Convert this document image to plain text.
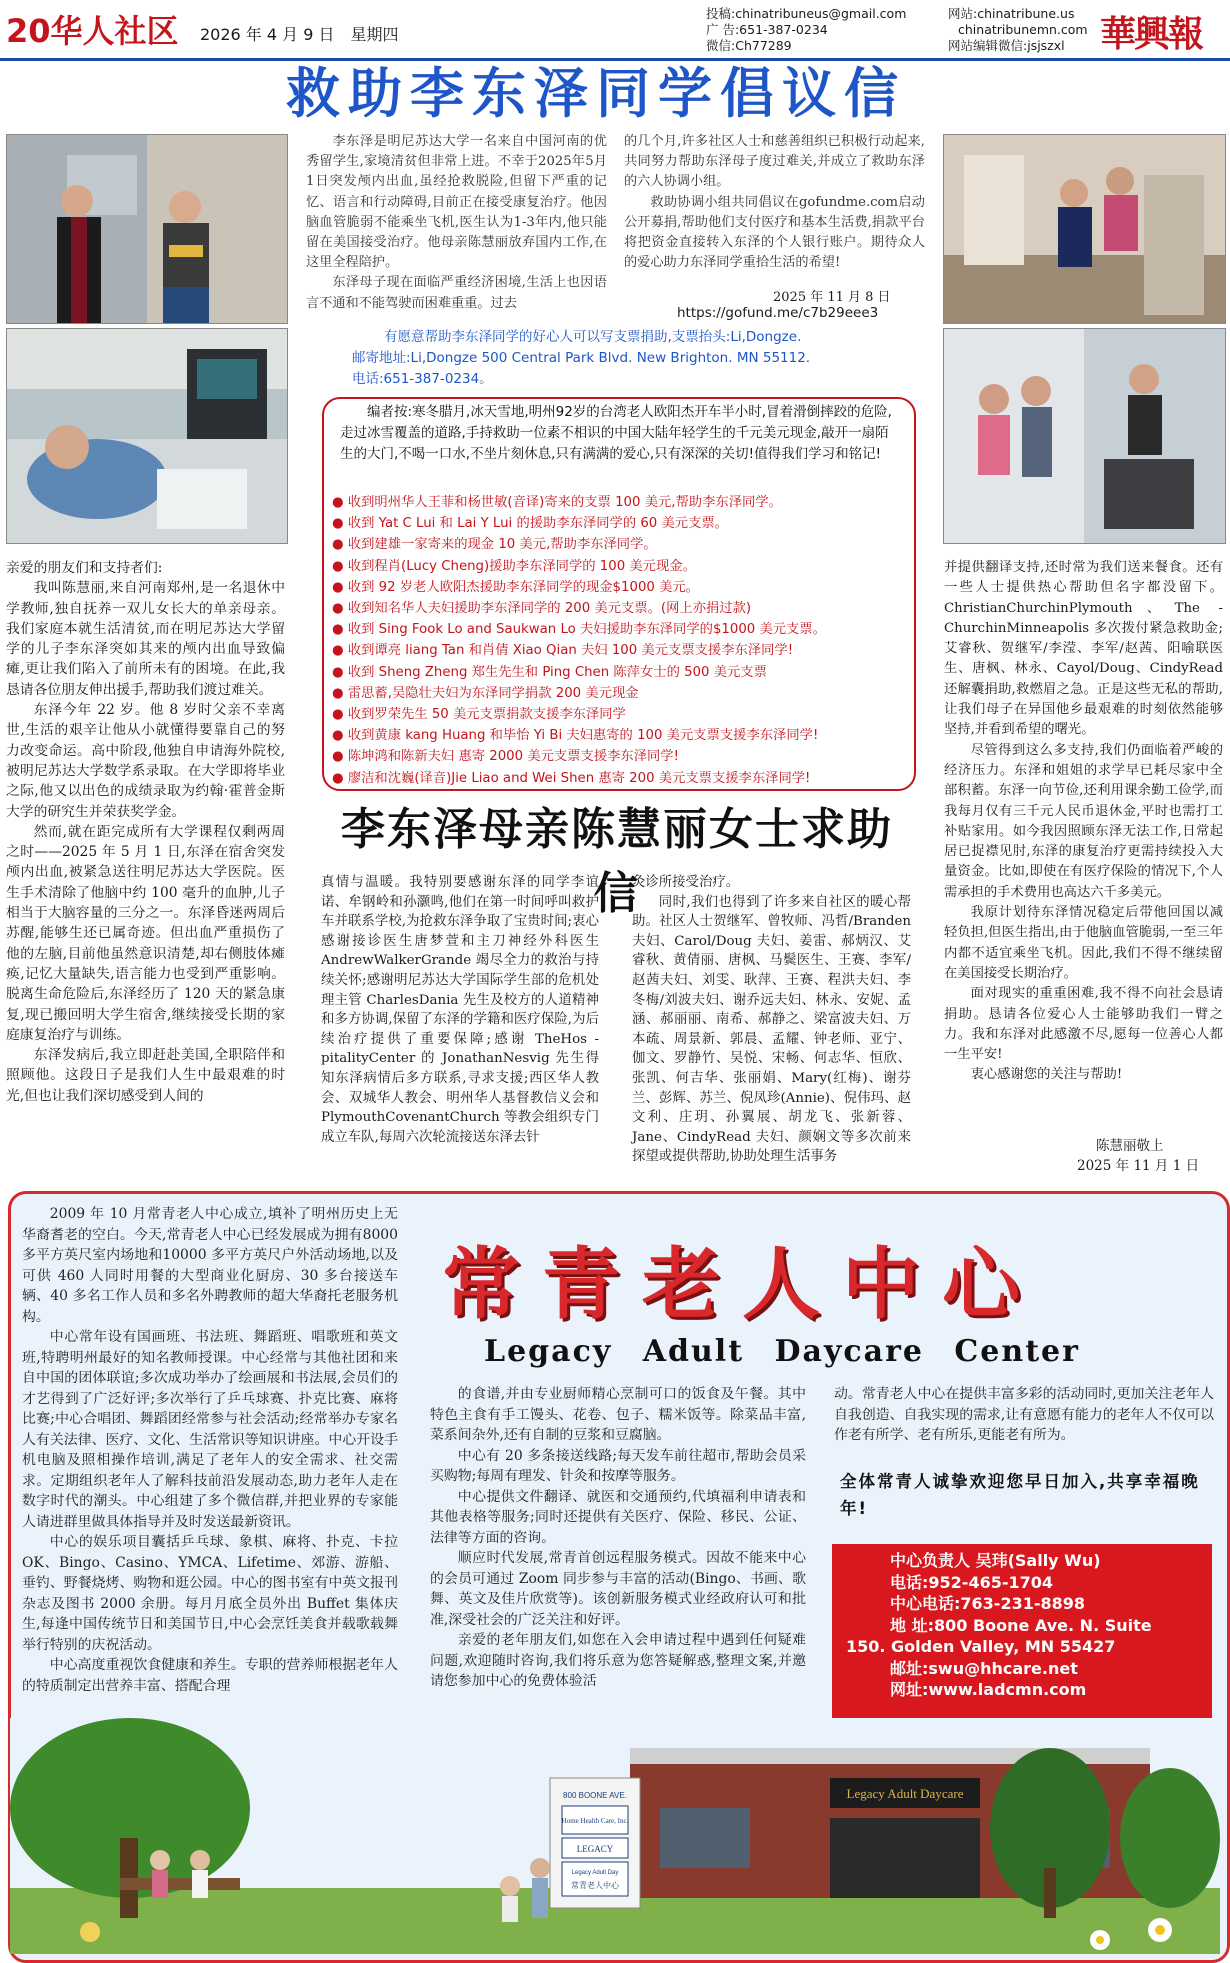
20华人社区 2026 年 4 月 9 日　星期四
投稿:chinatribuneus@gmail.com
广 告:651-387-0234
微信:Ch77289
网站:chinatribune.us
chinatribunemn.com
网站编辑微信:jsjszxl 華興報
救助李东泽同学倡议信

李东泽是明尼苏达大学一名来自中国河南的优秀留学生,家境清贫但非常上进。不幸于2025年5月1日突发颅内出血,虽经抢救脱险,但留下严重的记忆、语言和行动障碍,目前正在接受康复治疗。他因脑血管脆弱不能乘坐飞机,医生认为1-3年内,他只能留在美国接受治疗。他母亲陈慧丽放弃国内工作,在这里全程陪护。

东泽母子现在面临严重经济困境,生活上也因语言不通和不能驾驶而困难重重。过去

的几个月,许多社区人士和慈善组织已积极行动起来,共同努力帮助东泽母子度过难关,并成立了救助东泽的六人协调小组。

救助协调小组共同倡议在gofundme.com启动公开募捐,帮助他们支付医疗和基本生活费,捐款平台将把资金直接转入东泽的个人银行账户。期待众人的爱心助力东泽同学重拾生活的希望!

2025 年 11 月 8 日
https://gofund.me/c7b29eee3
有愿意帮助李东泽同学的好心人可以写支票捐助,支票抬头:Li,Dongze.
邮寄地址:Li,Dongze 500 Central Park Blvd. New Brighton. MN 55112.
电话:651-387-0234。
编者按:寒冬腊月,冰天雪地,明州92岁的台湾老人欧阳杰开车半小时,冒着滑倒摔跤的危险,走过冰雪覆盖的道路,手持救助一位素不相识的中国大陆年轻学生的千元美元现金,敲开一扇陌生的大门,不喝一口水,不坐片刻休息,只有满满的爱心,只有深深的关切!值得我们学习和铭记!
● 收到明州华人王菲和杨世敏(音译)寄来的支票 100 美元,帮助李东泽同学。
● 收到 Yat C Lui 和 Lai Y Lui 的援助李东泽同学的 60 美元支票。
● 收到建雄一家寄来的现金 10 美元,帮助李东泽同学。
● 收到程肖(Lucy Cheng)援助李东泽同学的 100 美元现金。
● 收到 92 岁老人欧阳杰援助李东泽同学的现金$1000 美元。
● 收到知名华人夫妇援助李东泽同学的 200 美元支票。(网上亦捐过款)
● 收到 Sing Fook Lo and Saukwan Lo 夫妇援助李东泽同学的$1000 美元支票。
● 收到谭亮 liang Tan 和肖倩 Xiao Qian 夫妇 100 美元支票支援李东泽同学!
● 收到 Sheng Zheng 郑生先生和 Ping Chen 陈萍女士的 500 美元支票
● 雷思蓄,吴隐壮夫妇为东泽同学捐款 200 美元现金
● 收到罗荣先生 50 美元支票捐款支援李东泽同学
● 收到黄康 kang Huang 和毕怡 Yi Bi 夫妇惠寄的 100 美元支票支援李东泽同学!
● 陈坤鸿和陈新夫妇 惠寄 2000 美元支票支援李东泽同学!
● 廖洁和沈巍(译音)Jie Liao and Wei Shen 惠寄 200 美元支票支援李东泽同学!
李东泽母亲陈慧丽女士求助信

亲爱的朋友们和支持者们:

我叫陈慧丽,来自河南郑州,是一名退休中学教师,独自抚养一双儿女长大的单亲母亲。我们家庭本就生活清贫,而在明尼苏达大学留学的儿子李东泽突如其来的颅内出血导致偏瘫,更让我们陷入了前所未有的困境。在此,我恳请各位朋友伸出援手,帮助我们渡过难关。

东泽今年 22 岁。他 8 岁时父亲不幸离世,生活的艰辛让他从小就懂得要靠自己的努力改变命运。高中阶段,他独自申请海外院校,被明尼苏达大学数学系录取。在大学即将毕业之际,他又以出色的成绩录取为约翰·霍普金斯大学的研究生并荣获奖学金。

然而,就在距完成所有大学课程仅剩两周之时——2025 年 5 月 1 日,东泽在宿舍突发颅内出血,被紧急送往明尼苏达大学医院。医生手术清除了他脑中约 100 毫升的血肿,儿子相当于大脑容量的三分之一。东泽昏迷两周后苏醒,能够生还已属奇迹。但出血严重损伤了他的左脑,目前他虽然意识清楚,却右侧肢体瘫痪,记忆大量缺失,语言能力也受到严重影响。脱离生命危险后,东泽经历了 120 天的紧急康复,现已搬回明大学生宿舍,继续接受长期的家庭康复治疗与训练。

东泽发病后,我立即赶赴美国,全职陪伴和照顾他。这段日子是我们人生中最艰难的时光,但也让我们深切感受到人间的

真情与温暖。我特别要感谢东泽的同学李谊诺、牟钢岭和孙灏鸣,他们在第一时间呼叫救护车并联系学校,为抢救东泽争取了宝贵时间;衷心感谢接诊医生唐梦萱和主刀神经外科医生 AndrewWalkerGrande 竭尽全力的救治与持续关怀;感谢明尼苏达大学国际学生部的危机处理主管 CharlesDania 先生及校方的人道精神和多方协调,保留了东泽的学籍和医疗保险,为后续治疗提供了重要保障;感谢 TheHos - pitalityCenter 的 JonathanNesvig 先生得知东泽病情后多方联系,寻求支援;西区华人教会、双城华人教会、明州华人基督教信义会和 PlymouthCovenantChurch 等教会组织专门成立车队,每周六次轮流接送东泽去针

灸诊所接受治疗。

同时,我们也得到了许多来自社区的暖心帮助。社区人士贺继军、曾牧师、冯哲/Branden 夫妇、Carol/Doug 夫妇、姜雷、郝炳汉、艾睿秋、黄倩丽、唐枫、马鬓医生、王赛、李军/赵茜夫妇、刘雯、耿萍、王赛、程洪夫妇、李冬梅/刘波夫妇、谢乔远夫妇、林永、安妮、孟涵、郝丽丽、南希、郝静之、梁富波夫妇、万本疏、周景新、郭晨、孟耀、钟老师、亚宁、伽文、罗静竹、吴悦、宋畅、何志华、恒欣、张凯、何吉华、张丽娟、Mary(红梅)、谢芬兰、彭辉、苏兰、倪凤珍(Annie)、倪伟玛、赵文利、庄玥、孙翼展、胡龙飞、张新蓉、Jane、CindyRead 夫妇、颜娴文等多次前来探望或提供帮助,协助处理生活事务

并提供翻译支持,还时常为我们送来餐食。还有一些人士提供热心帮助但名字都没留下。ChristianChurchinPlymouth、The - ChurchinMinneapolis 多次拨付紧急救助金;艾睿秋、贺继军/李滢、李军/赵茜、阳喻联医生、唐枫、林永、Cayol/Doug、CindyRead 还解囊捐助,救燃眉之急。正是这些无私的帮助,让我们母子在异国他乡最艰难的时刻依然能够坚持,并看到希望的曙光。

尽管得到这么多支持,我们仍面临着严峻的经济压力。东泽和姐姐的求学早已耗尽家中全部积蓄。东泽一向节俭,还利用课余勤工俭学,而我每月仅有三千元人民币退休金,平时也需打工补贴家用。如今我因照顾东泽无法工作,日常起居已捉襟见肘,东泽的康复治疗更需持续投入大量资金。比如,即使在有医疗保险的情况下,个人需承担的手术费用也高达六千多美元。

我原计划待东泽情况稳定后带他回国以减轻负担,但医生指出,由于他脑血管脆弱,一至三年内都不适宜乘坐飞机。因此,我们不得不继续留在美国接受长期治疗。

面对现实的重重困难,我不得不向社会恳请捐助。恳请各位爱心人士能够助我们一臂之力。我和东泽对此感激不尽,愿每一位善心人都一生平安!

衷心感谢您的关注与帮助!

陈慧丽敬上
2025 年 11 月 1 日
常青老人中心
Legacy Adult Daycare Center

2009 年 10 月常青老人中心成立,填补了明州历史上无华裔耆老的空白。今天,常青老人中心已经发展成为拥有8000 多平方英尺室内场地和10000 多平方英尺户外活动场地,以及可供 460 人同时用餐的大型商业化厨房、30 多台接送车辆、40 多名工作人员和多名外聘教师的超大华裔托老服务机构。

中心常年设有国画班、书法班、舞蹈班、唱歌班和英文班,特聘明州最好的知名教师授课。中心经常与其他社团和来自中国的团体联谊;多次成功举办了绘画展和书法展,会员们的才艺得到了广泛好评;多次举行了乒乓球赛、扑克比赛、麻将比赛;中心合唱团、舞蹈团经常参与社会活动;经常举办专家名人有关法律、医疗、文化、生活常识等知识讲座。中心开设手机电脑及照相操作培训,满足了老年人的安全需求、社交需求。定期组织老年人了解科技前沿发展动态,助力老年人走在数字时代的潮头。中心组建了多个微信群,并把业界的专家能人请进群里做具体指导并及时发送最新资讯。

中心的娱乐项目囊括乒乓球、象棋、麻将、扑克、卡拉 OK、Bingo、Casino、YMCA、Lifetime、郊游、游船、垂钓、野餐烧烤、购物和逛公园。中心的图书室有中英文报刊杂志及图书 2000 余册。每月月底全员外出 Buffet 集体庆生,每逢中国传统节日和美国节日,中心会烹饪美食并载歌载舞举行特别的庆祝活动。

中心高度重视饮食健康和养生。专职的营养师根据老年人的特质制定出营养丰富、搭配合理

的食谱,并由专业厨师精心烹制可口的饭食及午餐。其中特色主食有手工馒头、花卷、包子、糯米饭等。除菜品丰富,菜系间杂外,还有自制的豆浆和豆腐脑。

中心有 20 多条接送线路;每天发车前往超市,帮助会员采买购物;每周有理发、针灸和按摩等服务。

中心提供文件翻译、就医和交通预约,代填福利申请表和其他表格等服务;同时还提供有关医疗、保险、移民、公证、法律等方面的咨询。

顺应时代发展,常青首创远程服务模式。因故不能来中心的会员可通过 Zoom 同步参与丰富的活动(Bingo、书画、歌舞、英文及佳片欣赏等)。该创新服务模式业经政府认可和批准,深受社会的广泛关注和好评。

亲爱的老年朋友们,如您在入会申请过程中遇到任何疑难问题,欢迎随时咨询,我们将乐意为您答疑解惑,整理文案,并邀请您参加中心的免费体验活

动。常青老人中心在提供丰富多彩的活动同时,更加关注老年人自我创造、自我实现的需求,让有意愿有能力的老年人不仅可以作老有所学、老有所乐,更能老有所为。

全体常青人诚挚欢迎您早日加入,共享幸福晚年!
中心负责人 吴玮(Sally Wu)
电话:952-465-1704
中心电话:763-231-8898
地 址:800 Boone Ave. N. Suite
150. Golden Valley, MN 55427
邮址:swu@hhcare.net
网址:www.ladcmn.com
Legacy Adult Daycare
800 BOONE AVE.
Home Health Care, Inc.
LEGACY
Legacy Adult Day
常青老人中心
